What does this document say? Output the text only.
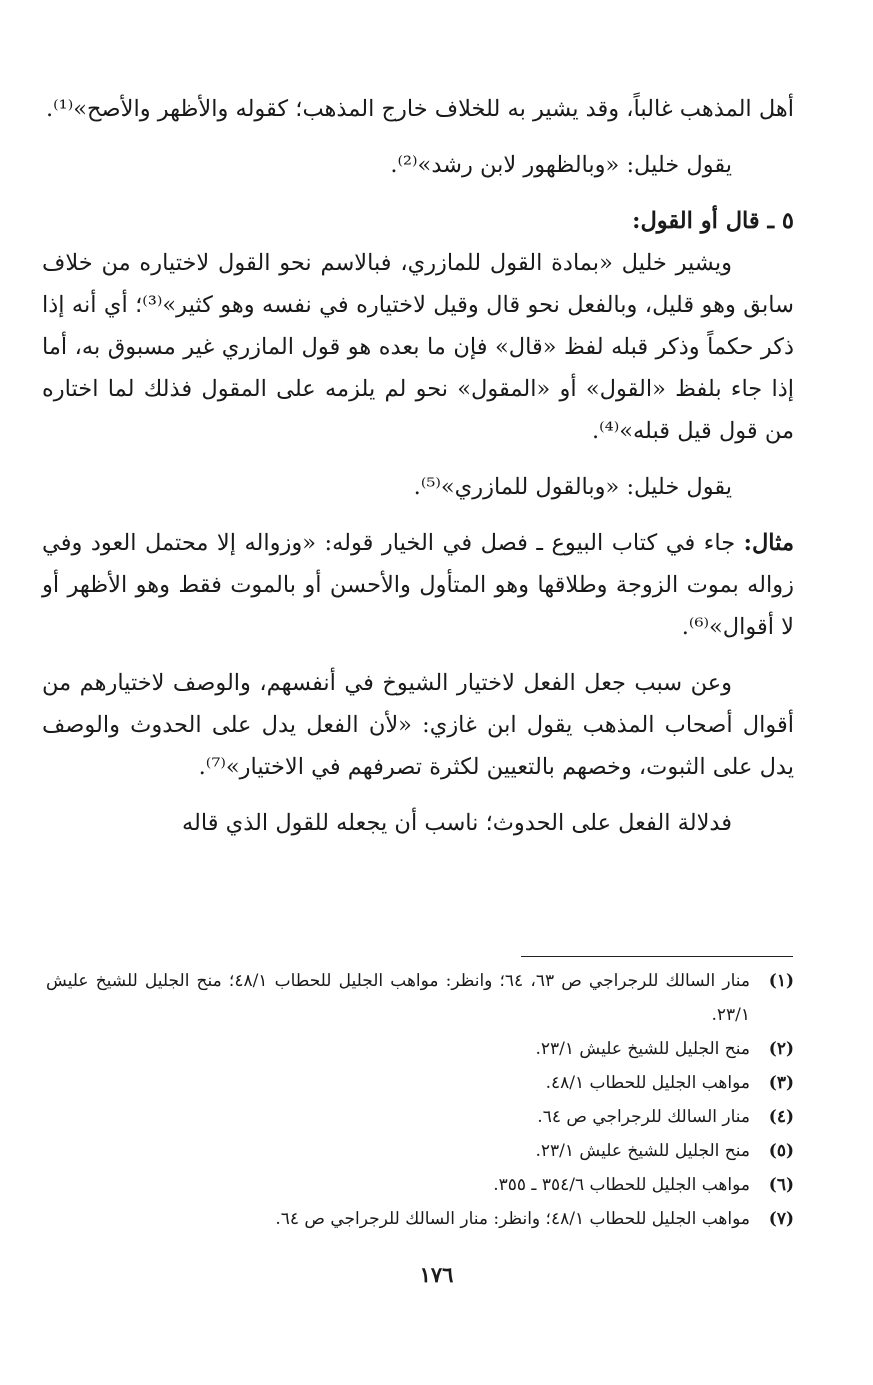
أهل المذهب غالباً، وقد يشير به للخلاف خارج المذهب؛ كقوله والأظهر والأصح»⁽¹⁾.

يقول خليل: «وبالظهور لابن رشد»⁽²⁾.

٥ ـ قال أو القول:

ويشير خليل «بمادة القول للمازري، فبالاسم نحو القول لاختياره من خلاف سابق وهو قليل، وبالفعل نحو قال وقيل لاختياره في نفسه وهو كثير»⁽³⁾؛ أي أنه إذا ذكر حكماً وذكر قبله لفظ «قال» فإن ما بعده هو قول المازري غير مسبوق به، أما إذا جاء بلفظ «القول» أو «المقول» نحو لم يلزمه على المقول فذلك لما اختاره من قول قيل قبله»⁽⁴⁾.

يقول خليل: «وبالقول للمازري»⁽⁵⁾.

مثال: جاء في كتاب البيوع ـ فصل في الخيار قوله: «وزواله إلا محتمل العود وفي زواله بموت الزوجة وطلاقها وهو المتأول والأحسن أو بالموت فقط وهو الأظهر أو لا أقوال»⁽⁶⁾.

وعن سبب جعل الفعل لاختيار الشيوخ في أنفسهم، والوصف لاختيارهم من أقوال أصحاب المذهب يقول ابن غازي: «لأن الفعل يدل على الحدوث والوصف يدل على الثبوت، وخصهم بالتعيين لكثرة تصرفهم في الاختيار»⁽⁷⁾.

فدلالة الفعل على الحدوث؛ ناسب أن يجعله للقول الذي قاله

(١)
منار السالك للرجراجي ص ٦٣، ٦٤؛ وانظر: مواهب الجليل للحطاب ٤٨/١؛ منح الجليل للشيخ عليش ٢٣/١.
(٢)
منح الجليل للشيخ عليش ٢٣/١.
(٣)
مواهب الجليل للحطاب ٤٨/١.
(٤)
منار السالك للرجراجي ص ٦٤.
(٥)
منح الجليل للشيخ عليش ٢٣/١.
(٦)
مواهب الجليل للحطاب ٣٥٤/٦ ـ ٣٥٥.
(٧)
مواهب الجليل للحطاب ٤٨/١؛ وانظر: منار السالك للرجراجي ص ٦٤.
١٧٦
